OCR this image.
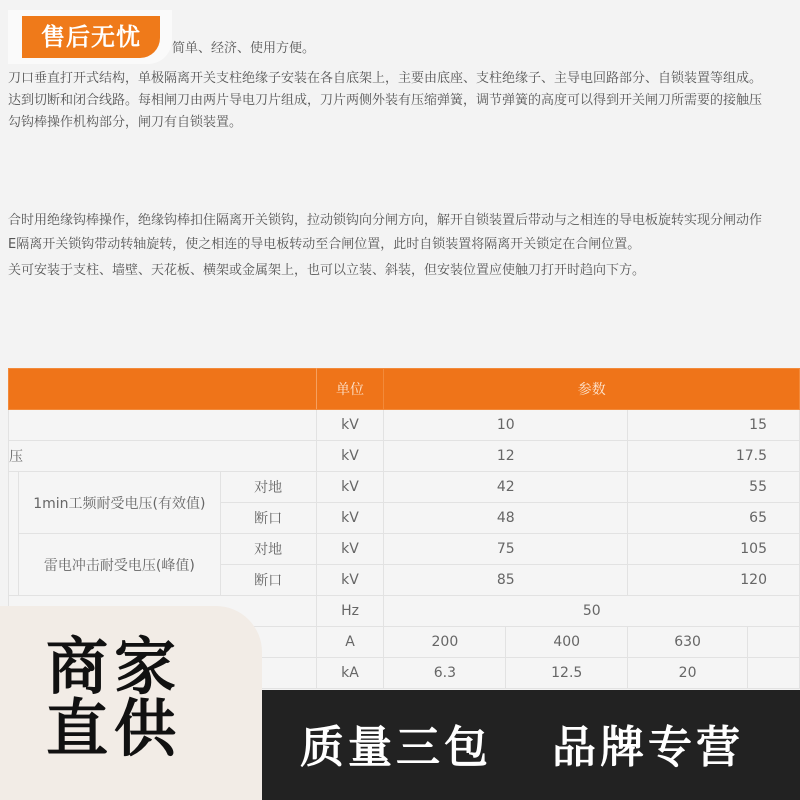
售后无忧	简单、经济、使用方便。
刀口垂直打开式结构，单极隔离开关支柱绝缘子安装在各自底架上，主要由底座、支柱绝缘子、主导电回路部分、自锁装置等组成。
达到切断和闭合线路。每相闸刀由两片导电刀片组成，刀片两侧外装有压缩弹簧，调节弹簧的高度可以得到开关闸刀所需要的接触压
勾钩棒操作机构部分，闸刀有自锁装置。
合时用绝缘钩棒操作，绝缘钩棒扣住隔离开关锁钩，拉动锁钩向分闸方向，解开自锁装置后带动与之相连的导电板旋转实现分闸动作
E隔离开关锁钩带动转轴旋转，使之相连的导电板转动至合闸位置，此时自锁装置将隔离开关锁定在合闸位置。
关可安装于支柱、墙壁、天花板、横架或金属架上，也可以立装、斜装，但安装位置应使触刀打开时趋向下方。
			单位	参数			
			kV	10		15	
压			kV	12		17.5	
	1min工频耐受电压(有效值)	对地	kV	42		55	
		断口	kV	48		65	
	雷电冲击耐受电压(峰值)	对地	kV	75		105	
		断口	kV	85		120	
			Hz	50			
			A	200	400	630	
			kA	6.3	12.5	20	
商家直供	质量三包 品牌专营
